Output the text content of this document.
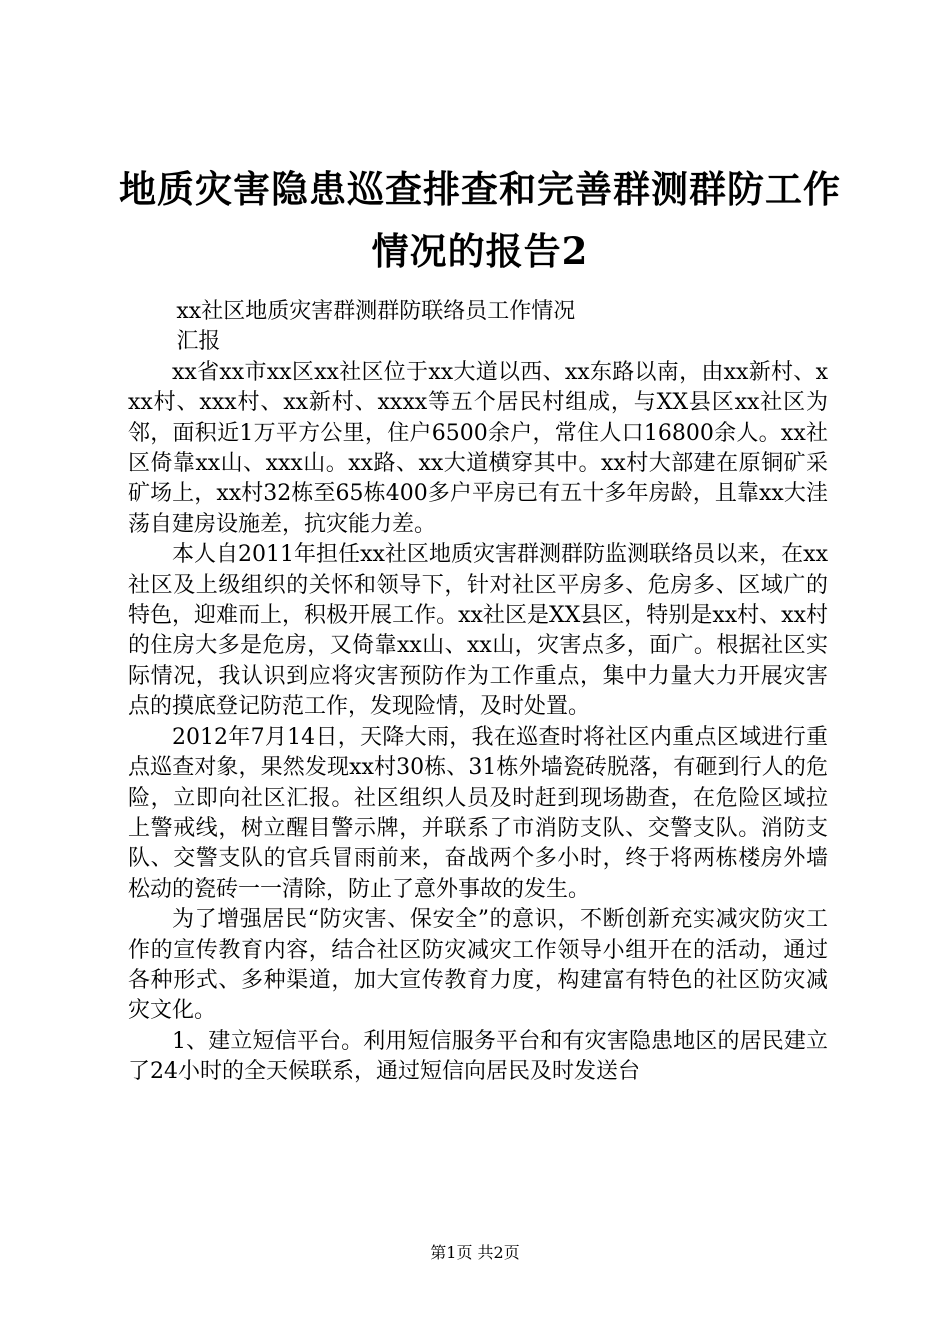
地质灾害隐患巡查排查和完善群测群防工作情况的报告2

xx社区地质灾害群测群防联络员工作情况

汇报

xx省xx市xx区xx社区位于xx大道以西、xx东路以南，由xx新村、xxx村、xxx村、xx新村、xxxx等五个居民村组成，与XX县区xx社区为邻，面积近1万平方公里，住户6500余户，常住人口16800余人。xx社区倚靠xx山、xxx山。xx路、xx大道横穿其中。xx村大部建在原铜矿采矿场上，xx村32栋至65栋400多户平房已有五十多年房龄，且靠xx大洼荡自建房设施差，抗灾能力差。

本人自2011年担任xx社区地质灾害群测群防监测联络员以来，在xx社区及上级组织的关怀和领导下，针对社区平房多、危房多、区域广的特色，迎难而上，积极开展工作。xx社区是XX县区，特别是xx村、xx村的住房大多是危房，又倚靠xx山、xx山，灾害点多，面广。根据社区实际情况，我认识到应将灾害预防作为工作重点，集中力量大力开展灾害点的摸底登记防范工作，发现险情，及时处置。

2012年7月14日，天降大雨，我在巡查时将社区内重点区域进行重点巡查对象，果然发现xx村30栋、31栋外墙瓷砖脱落，有砸到行人的危险，立即向社区汇报。社区组织人员及时赶到现场勘查，在危险区域拉上警戒线，树立醒目警示牌，并联系了市消防支队、交警支队。消防支队、交警支队的官兵冒雨前来，奋战两个多小时，终于将两栋楼房外墙松动的瓷砖一一清除，防止了意外事故的发生。

为了增强居民“防灾害、保安全”的意识，不断创新充实减灾防灾工作的宣传教育内容，结合社区防灾减灾工作领导小组开在的活动，通过各种形式、多种渠道，加大宣传教育力度，构建富有特色的社区防灾减灾文化。

1、建立短信平台。利用短信服务平台和有灾害隐患地区的居民建立了24小时的全天候联系，通过短信向居民及时发送台

第1页 共2页
